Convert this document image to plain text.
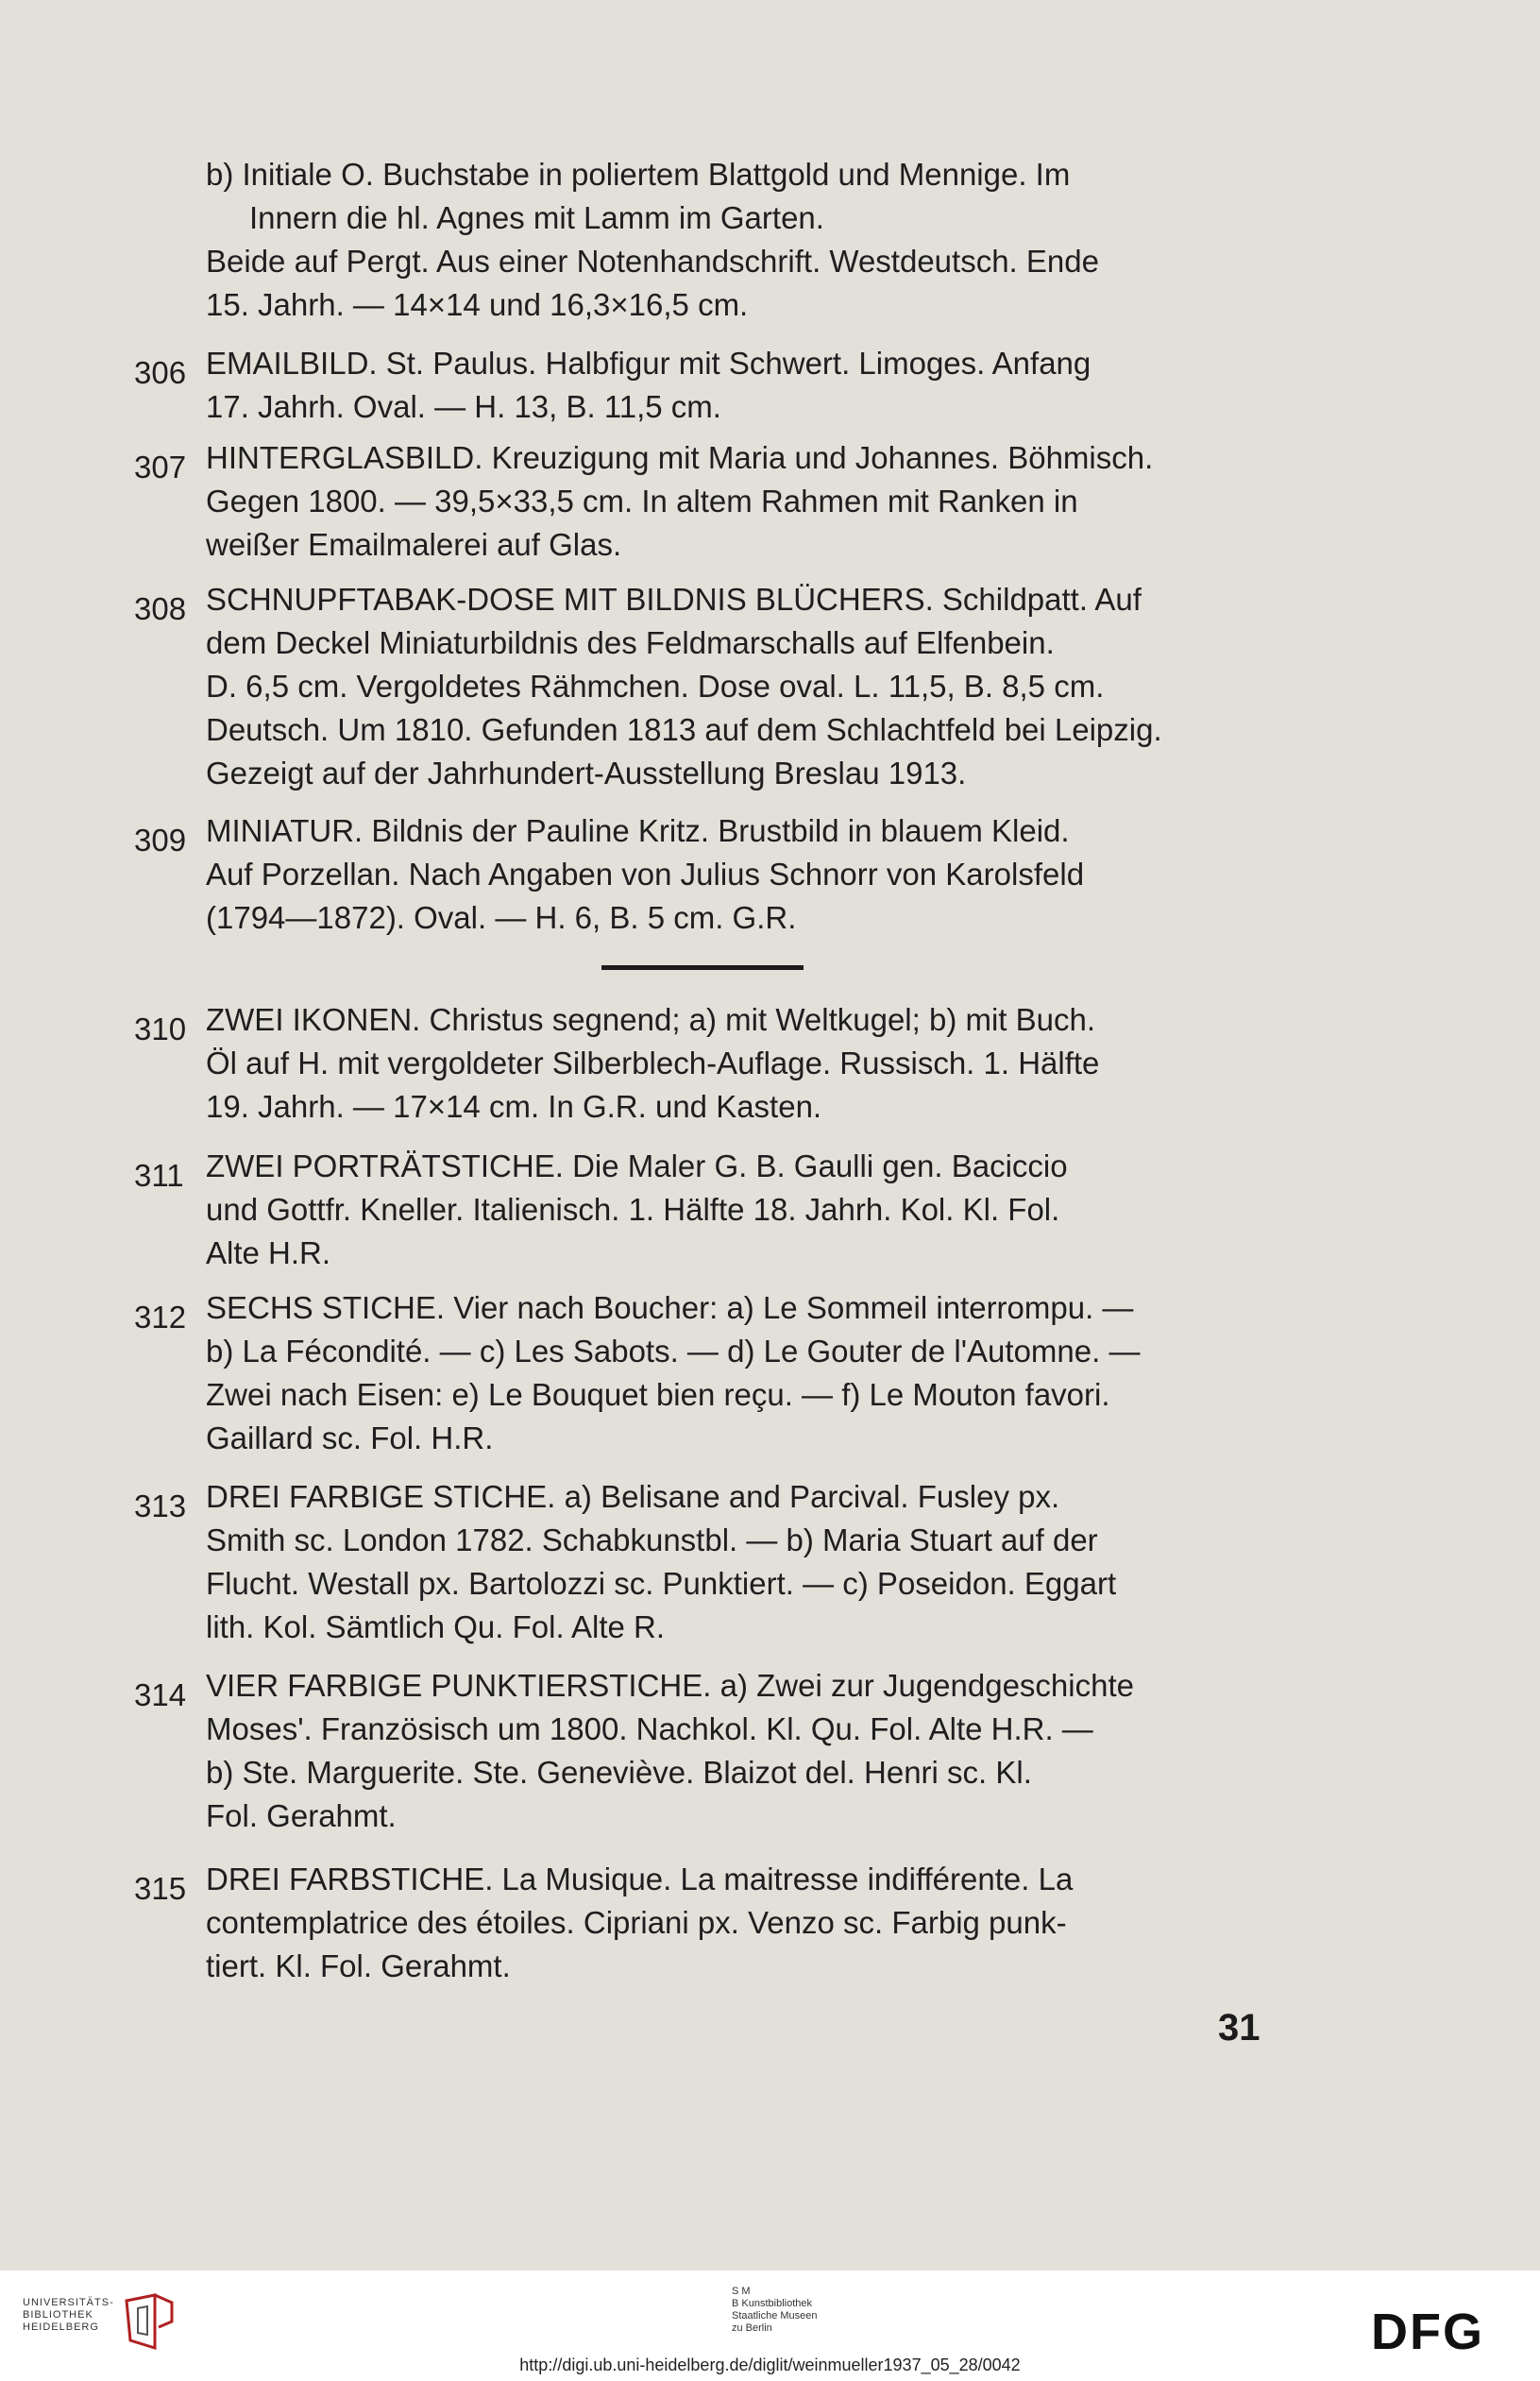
b) Initiale O. Buchstabe in poliertem Blattgold und Mennige. Im
Innern die hl. Agnes mit Lamm im Garten.
Beide auf Pergt. Aus einer Notenhandschrift. Westdeutsch. Ende
15. Jahrh. — 14×14 und 16,3×16,5 cm.
306 EMAILBILD. St. Paulus. Halbfigur mit Schwert. Limoges. Anfang
17. Jahrh. Oval. — H. 13, B. 11,5 cm.
307 HINTERGLASBILD. Kreuzigung mit Maria und Johannes. Böhmisch.
Gegen 1800. — 39,5×33,5 cm. In altem Rahmen mit Ranken in
weißer Emailmalerei auf Glas.
308 SCHNUPFTABAK-DOSE MIT BILDNIS BLÜCHERS. Schildpatt. Auf
dem Deckel Miniaturbildnis des Feldmarschalls auf Elfenbein.
D. 6,5 cm. Vergoldetes Rähmchen. Dose oval. L. 11,5, B. 8,5 cm.
Deutsch. Um 1810. Gefunden 1813 auf dem Schlachtfeld bei Leipzig.
Gezeigt auf der Jahrhundert-Ausstellung Breslau 1913.
309 MINIATUR. Bildnis der Pauline Kritz. Brustbild in blauem Kleid.
Auf Porzellan. Nach Angaben von Julius Schnorr von Karolsfeld
(1794—1872). Oval. — H. 6, B. 5 cm. G.R.
310 ZWEI IKONEN. Christus segnend; a) mit Weltkugel; b) mit Buch.
Öl auf H. mit vergoldeter Silberblech-Auflage. Russisch. 1. Hälfte
19. Jahrh. — 17×14 cm. In G.R. und Kasten.
311 ZWEI PORTRÄTSTICHE. Die Maler G. B. Gaulli gen. Baciccio
und Gottfr. Kneller. Italienisch. 1. Hälfte 18. Jahrh. Kol. Kl. Fol.
Alte H.R.
312 SECHS STICHE. Vier nach Boucher: a) Le Sommeil interrompu. —
b) La Fécondité. — c) Les Sabots. — d) Le Gouter de l'Automne. —
Zwei nach Eisen: e) Le Bouquet bien reçu. — f) Le Mouton favori.
Gaillard sc. Fol. H.R.
313 DREI FARBIGE STICHE. a) Belisane and Parcival. Fusley px.
Smith sc. London 1782. Schabkunstbl. — b) Maria Stuart auf der
Flucht. Westall px. Bartolozzi sc. Punktiert. — c) Poseidon. Eggart
lith. Kol. Sämtlich Qu. Fol. Alte R.
314 VIER FARBIGE PUNKTIERSTICHE. a) Zwei zur Jugendgeschichte
Moses'. Französisch um 1800. Nachkol. Kl. Qu. Fol. Alte H.R. —
b) Ste. Marguerite. Ste. Geneviève. Blaizot del. Henri sc. Kl.
Fol. Gerahmt.
315 DREI FARBSTICHE. La Musique. La maitresse indifférente. La
contemplatrice des étoiles. Cipriani px. Venzo sc. Farbig punk-
tiert. Kl. Fol. Gerahmt.
31
UNIVERSITÄTS-
BIBLIOTHEK
HEIDELBERG
S M
B Kunstbibliothek
Staatliche Museen
zu Berlin	DFG
http://digi.ub.uni-heidelberg.de/diglit/weinmueller1937_05_28/0042
